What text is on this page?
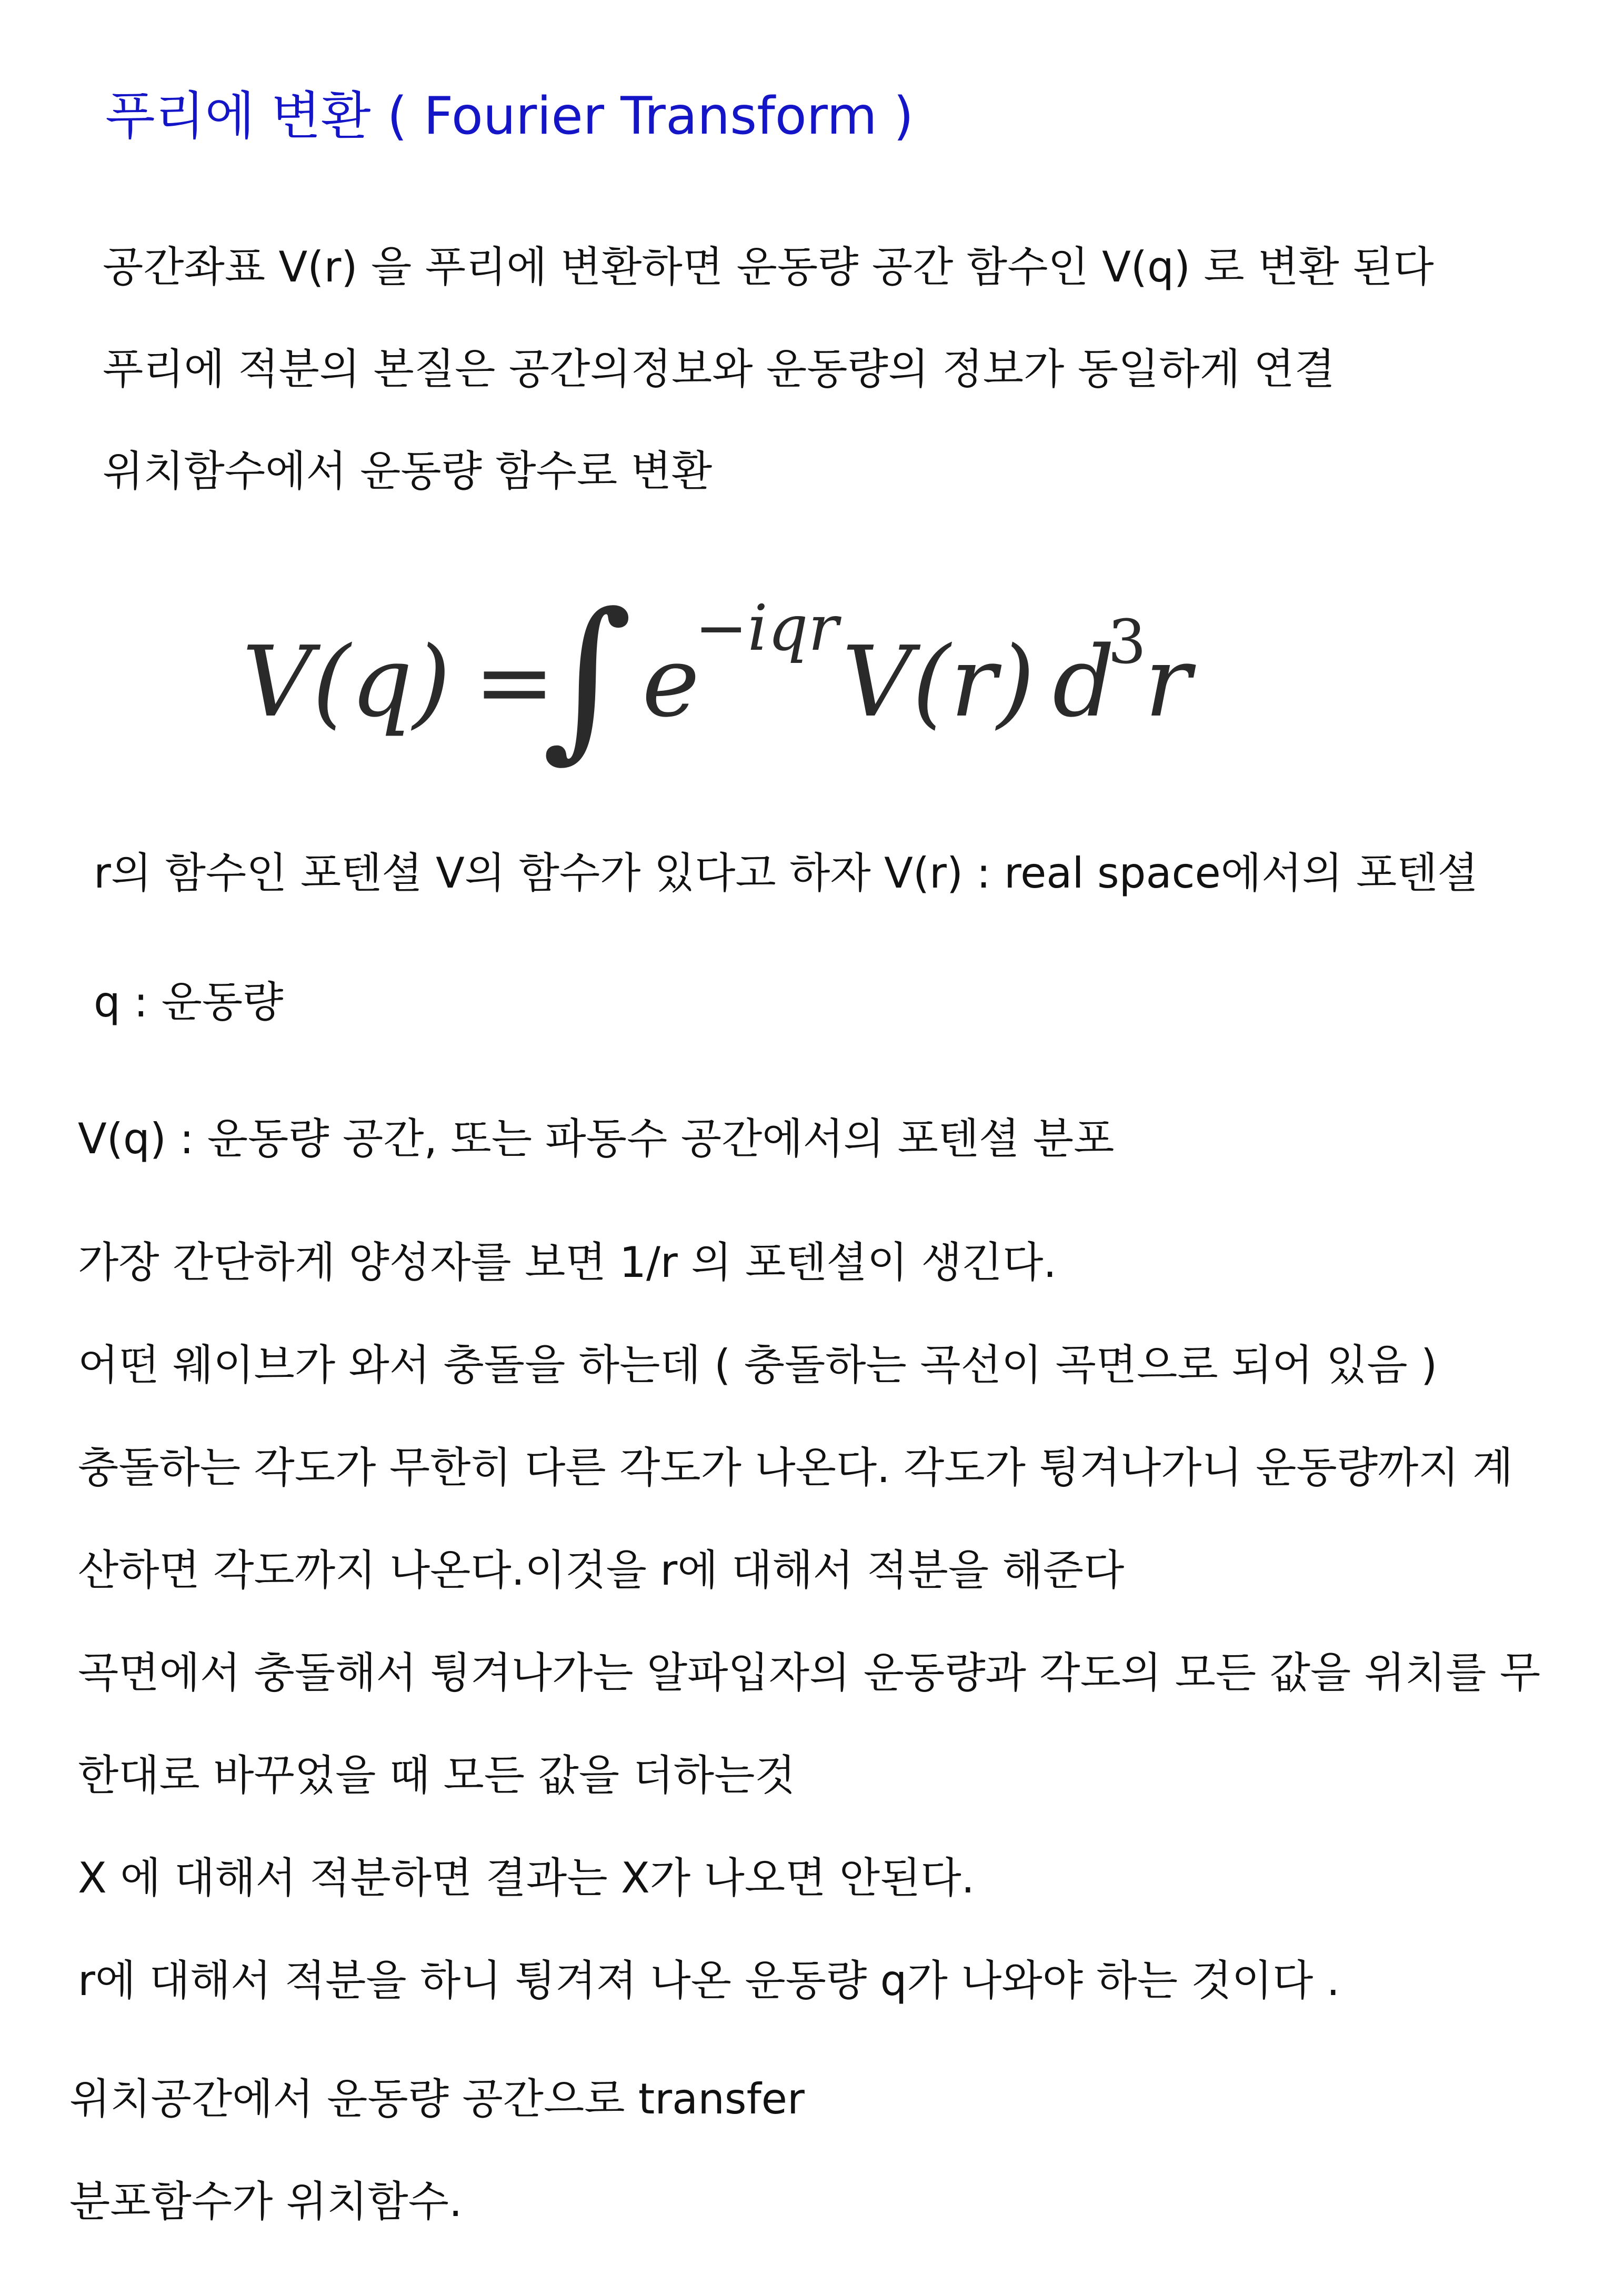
푸리에 변환 ( Fourier Transform )

공간좌표 V(r) 을 푸리에 변환하면 운동량 공간 함수인 V(q) 로 변환 된다

푸리에 적분의 본질은 공간의정보와 운동량의 정보가 동일하게 연결

위치함수에서 운동량 함수로 변환

V(q) =
∫ e
−iqr V(r) d
3
r

r의 함수인 포텐셜 V의 함수가 있다고 하자 V(r) : real space에서의 포텐셜

q : 운동량

V(q) : 운동량 공간, 또는 파동수 공간에서의 포텐셜 분포

가장 간단하게 양성자를 보면 1/r 의 포텐셜이 생긴다.

어떤 웨이브가 와서 충돌을 하는데 ( 충돌하는 곡선이 곡면으로 되어 있음 )

충돌하는 각도가 무한히 다른 각도가 나온다. 각도가 튕겨나가니 운동량까지 계

산하면 각도까지 나온다.이것을 r에 대해서 적분을 해준다

곡면에서 충돌해서 튕겨나가는 알파입자의 운동량과 각도의 모든 값을 위치를 무

한대로 바꾸었을 때 모든 값을 더하는것

X 에 대해서 적분하면 결과는 X가 나오면 안된다.

r에 대해서 적분을 하니 튕겨져 나온 운동량 q가 나와야 하는 것이다 .

위치공간에서 운동량 공간으로 transfer

분포함수가 위치함수.
